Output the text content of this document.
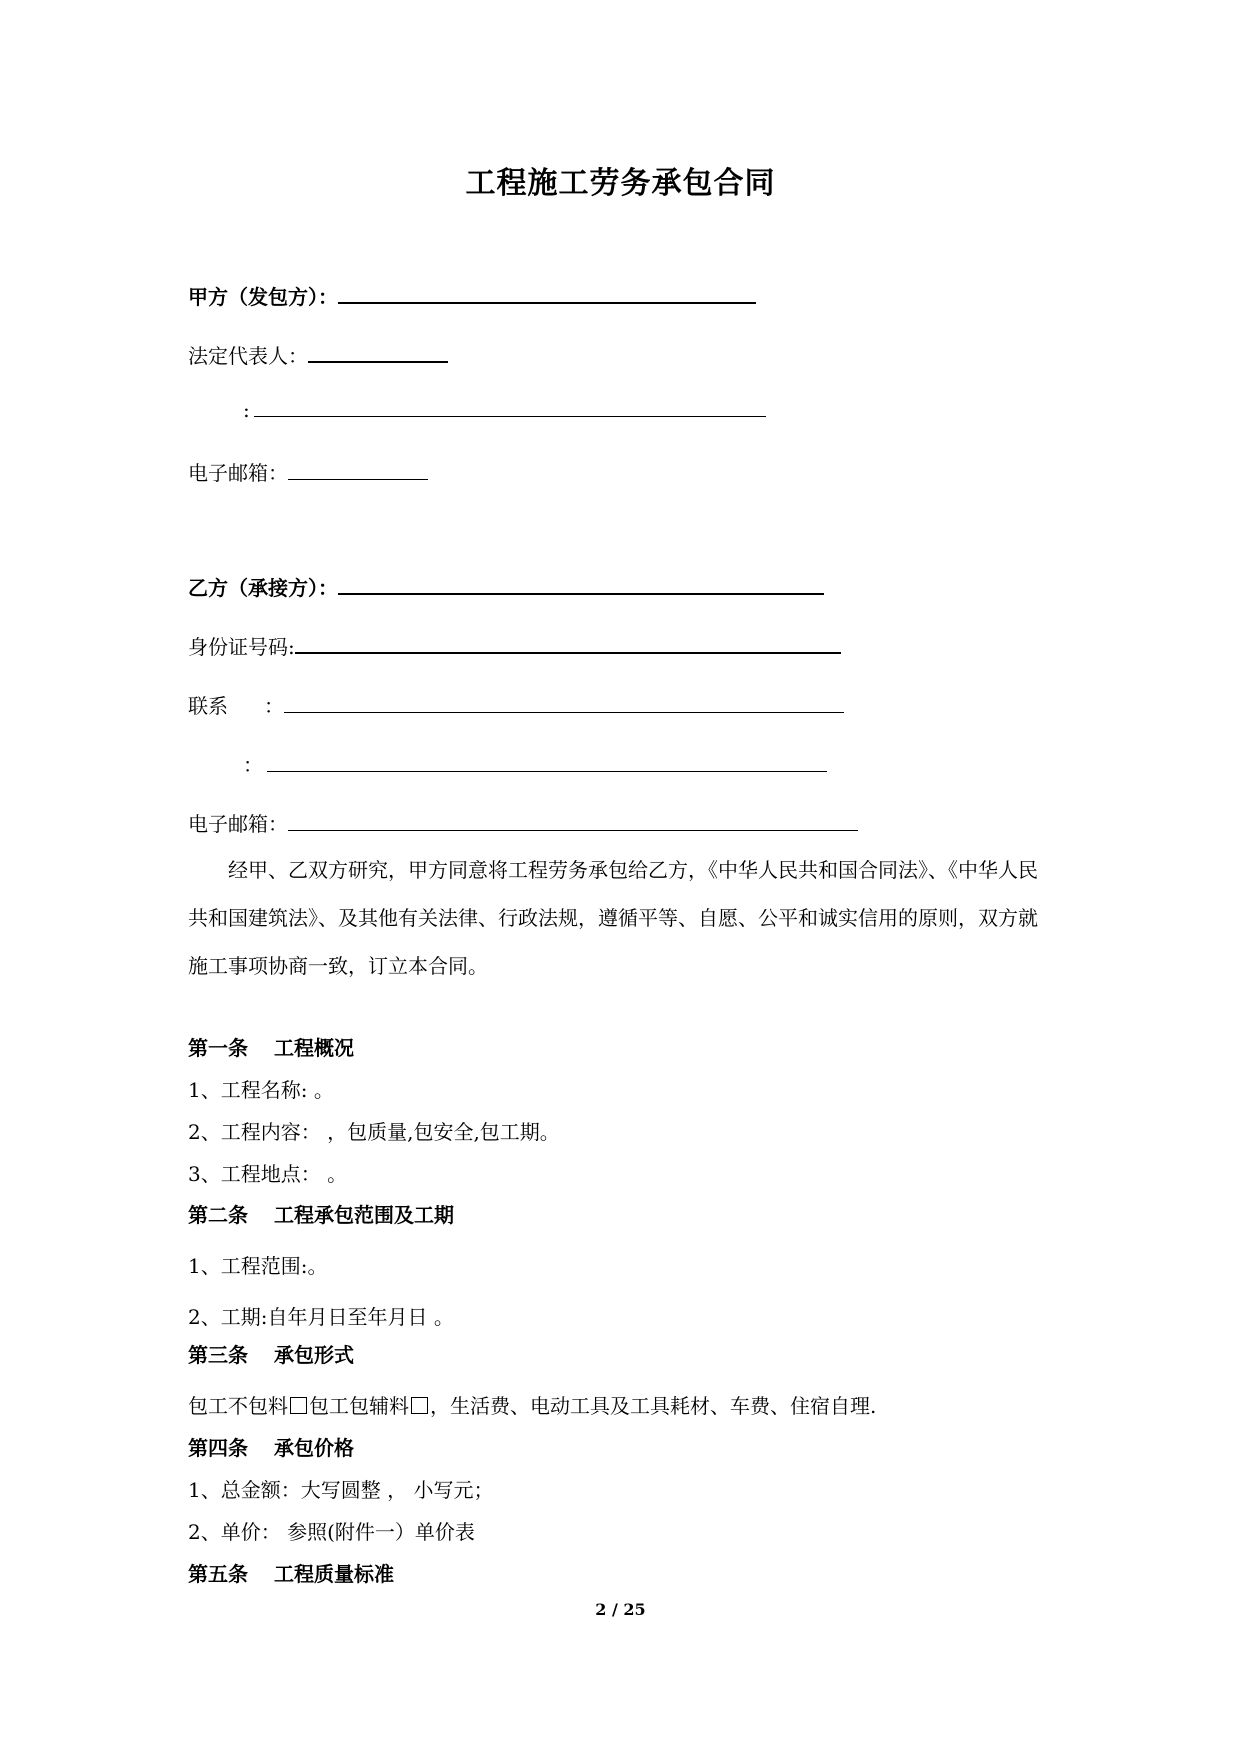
工程施工劳务承包合同
甲方（发包方）：
法定代表人：
:
电子邮箱：
乙方（承接方）：
身份证号码:
联系 ：
：
电子邮箱：
经甲、乙双方研究，甲方同意将工程劳务承包给乙方，《中华人民共和国合同法》、《中华人民共和国建筑法》、及其他有关法律、行政法规，遵循平等、自愿、公平和诚实信用的原则，双方就施工事项协商一致，订立本合同。
第一条 工程概况
1、工程名称: 。
2、工程内容： ，包质量,包安全,包工期。
3、工程地点： 。
第二条 工程承包范围及工期
1、工程范围:。
2、工期:自年月日至年月日 。
第三条 承包形式
包工不包料 包工包辅料 ，生活费、电动工具及工具耗材、车费、住宿自理.
第四条 承包价格
1、总金额：大写圆整 ， 小写元；
2、单价： 参照(附件一）单价表
第五条 工程质量标准
2 / 25
